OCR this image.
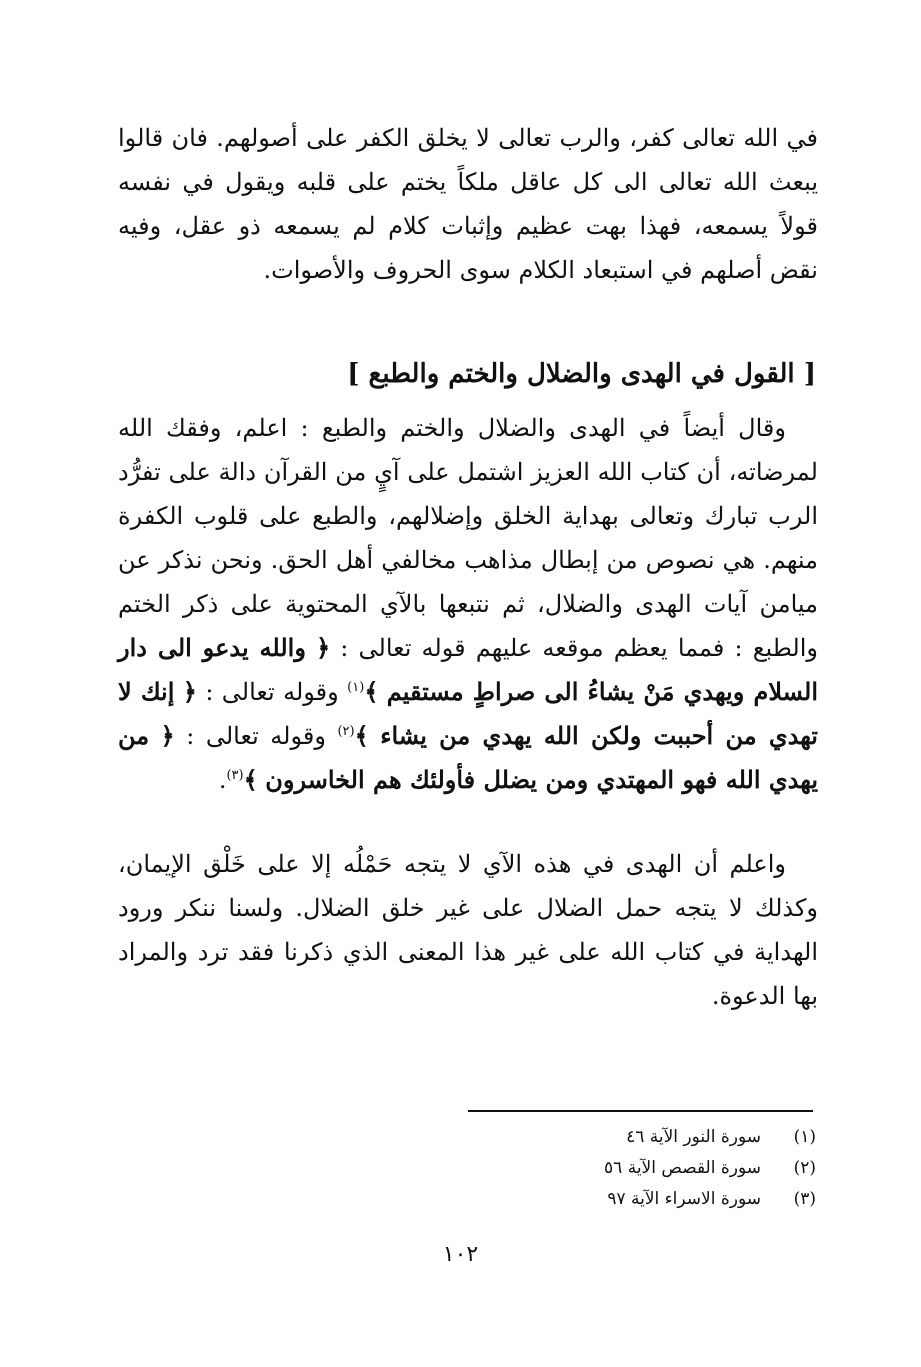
في الله تعالى كفر، والرب تعالى لا يخلق الكفر على أصولهم. فان قالوا يبعث الله تعالى الى كل عاقل ملكاً يختم على قلبه ويقول في نفسه قولاً يسمعه، فهذا بهت عظيم وإثبات كلام لم يسمعه ذو عقل، وفيه نقض أصلهم في استبعاد الكلام سوى الحروف والأصوات.

[ القول في الهدى والضلال والختم والطبع ]

وقال أيضاً في الهدى والضلال والختم والطبع : اعلم، وفقك الله لمرضاته، أن كتاب الله العزيز اشتمل على آيٍ من القرآن دالة على تفرُّد الرب تبارك وتعالى بهداية الخلق وإضلالهم، والطبع على قلوب الكفرة منهم. هي نصوص من إبطال مذاهب مخالفي أهل الحق. ونحن نذكر عن ميامن آيات الهدى والضلال، ثم نتبعها بالآي المحتوية على ذكر الختم والطبع : فمما يعظم موقعه عليهم قوله تعالى : ﴿ والله يدعو الى دار السلام ويهدي مَنْ يشاءُ الى صراطٍ مستقيم ﴾$^{(١)}$ وقوله تعالى : ﴿ إنك لا تهدي من أحببت ولكن الله يهدي من يشاء ﴾$^{(٢)}$ وقوله تعالى : ﴿ من يهدي الله فهو المهتدي ومن يضلل فأولئك هم الخاسرون ﴾$^{(٣)}$.

واعلم أن الهدى في هذه الآي لا يتجه حَمْلُه إلا على خَلْق الإيمان، وكذلك لا يتجه حمل الضلال على غير خلق الضلال. ولسنا ننكر ورود الهداية في كتاب الله على غير هذا المعنى الذي ذكرنا فقد ترد والمراد بها الدعوة.

(١)سورة النور الآية ٤٦
(٢)سورة القصص الآية ٥٦
(٣)سورة الاسراء الآية ٩٧
١٠٢
